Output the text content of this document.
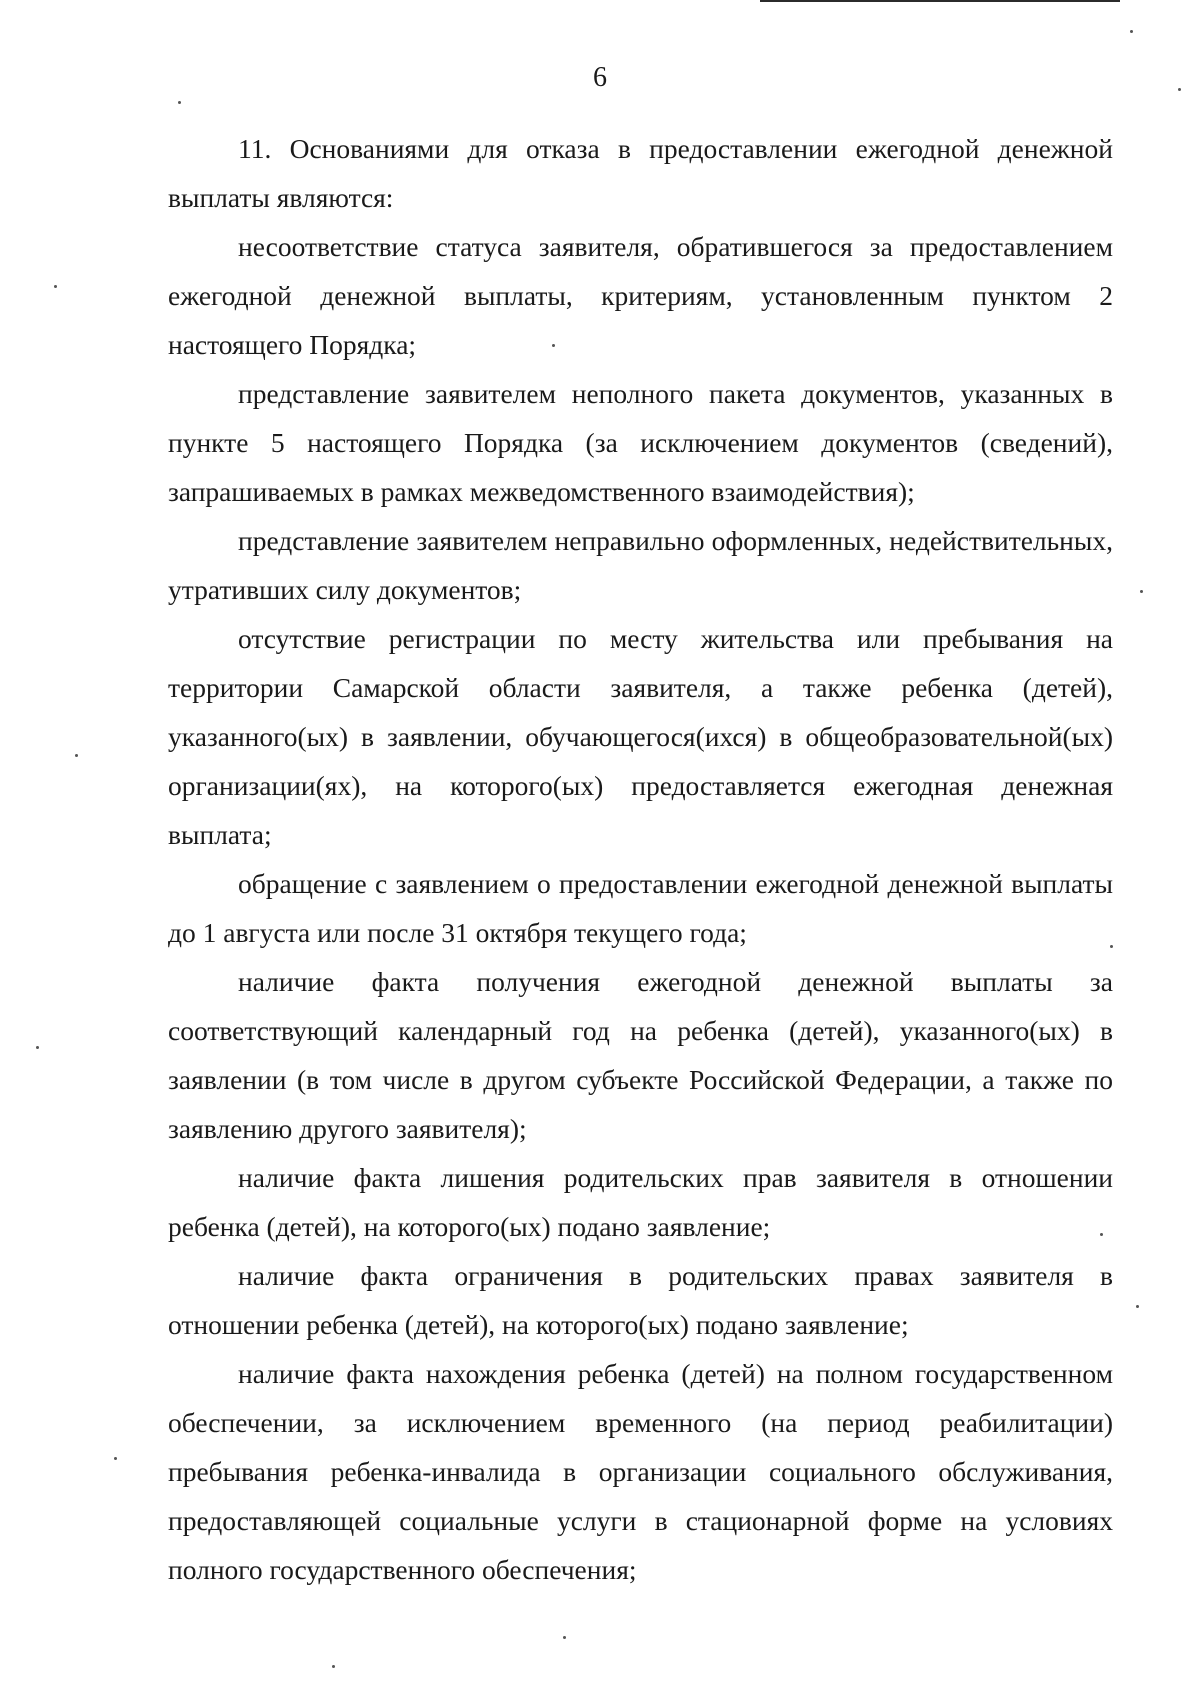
6

11. Основаниями для отказа в предоставлении ежегодной денежной выплаты являются:

несоответствие статуса заявителя, обратившегося за предоставлением ежегодной денежной выплаты, критериям, установленным пунктом 2 настоящего Порядка;

представление заявителем неполного пакета документов, указанных в пункте 5 настоящего Порядка (за исключением документов (сведений), запрашиваемых в рамках межведомственного взаимодействия);

представление заявителем неправильно оформленных, недействительных, утративших силу документов;

отсутствие регистрации по месту жительства или пребывания на территории Самарской области заявителя, а также ребенка (детей), указанного(ых) в заявлении, обучающегося(ихся) в общеобразовательной(ых) организации(ях), на которого(ых) предоставляется ежегодная денежная выплата;

обращение с заявлением о предоставлении ежегодной денежной выплаты до 1 августа или после 31 октября текущего года;

наличие факта получения ежегодной денежной выплаты за соответствующий календарный год на ребенка (детей), указанного(ых) в заявлении (в том числе в другом субъекте Российской Федерации, а также по заявлению другого заявителя);

наличие факта лишения родительских прав заявителя в отношении ребенка (детей), на которого(ых) подано заявление;

наличие факта ограничения в родительских правах заявителя в отношении ребенка (детей), на которого(ых) подано заявление;

наличие факта нахождения ребенка (детей) на полном государственном обеспечении, за исключением временного (на период реабилитации) пребывания ребенка-инвалида в организации социального обслуживания, предоставляющей социальные услуги в стационарной форме на условиях полного государственного обеспечения;
